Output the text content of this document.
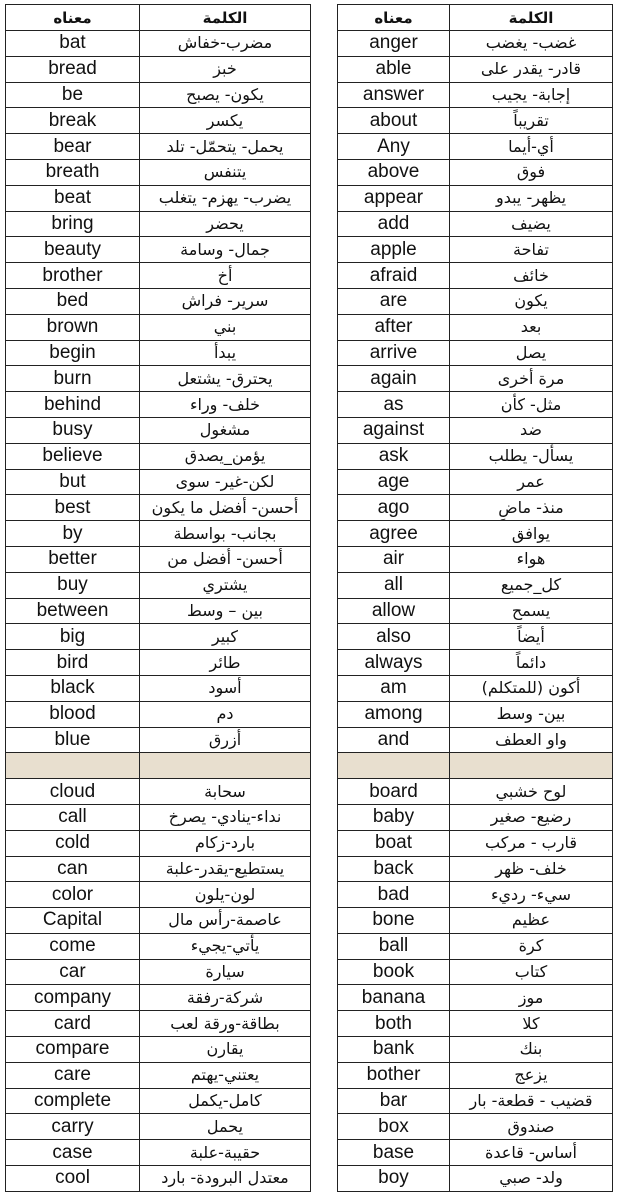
معناه	الكلمة
bat	مضرب-خفاش
bread	خبز
be	يكون- يصبح
break	يكسر
bear	يحمل- يتحمّل- تلد
breath	يتنفس
beat	يضرب- يهزم- يتغلب
bring	يحضر
beauty	جمال- وسامة
brother	أخ
bed	سرير- فراش
brown	بني
begin	يبدأ
burn	يحترق- يشتعل
behind	خلف- وراء
busy	مشغول
believe	يؤمن_يصدق
but	لكن-غير- سوى
best	أحسن- أفضل ما يكون
by	بجانب- بواسطة
better	أحسن- أفضل من
buy	يشتري
between	بين – وسط
big	كبير
bird	طائر
black	أسود
blood	دم
blue	أزرق

cloud	سحابة
call	نداء-ينادي- يصرخ
cold	بارد-زكام
can	يستطيع-يقدر-علبة
color	لون-يلون
Capital	عاصمة-رأس مال
come	يأتي-يجيء
car	سيارة
company	شركة-رفقة
card	بطاقة-ورقة لعب
compare	يقارن
care	يعتني-يهتم
complete	كامل-يكمل
carry	يحمل
case	حقيبة-علبة
cool	معتدل البرودة- بارد
معناه	الكلمة
anger	غضب- يغضب
able	قادر- يقدر على
answer	إجابة- يجيب
about	تقريباً
Any	أي-أيما
above	فوق
appear	يظهر- يبدو
add	يضيف
apple	تفاحة
afraid	خائف
are	يكون
after	بعد
arrive	يصل
again	مرة أخرى
as	مثل- كأن
against	ضد
ask	يسأل- يطلب
age	عمر
ago	منذ- ماضٍ
agree	يوافق
air	هواء
all	كل_جميع
allow	يسمح
also	أيضاً
always	دائماً
am	أكون (للمتكلم)
among	بين- وسط
and	واو العطف

board	لوح خشبي
baby	رضيع- صغير
boat	قارب - مركب
back	خلف- ظهر
bad	سيء- رديء
bone	عظيم
ball	كرة
book	كتاب
banana	موز
both	كلا
bank	بنك
bother	يزعج
bar	قضيب - قطعة- بار
box	صندوق
base	أساس- قاعدة
boy	ولد- صبي
